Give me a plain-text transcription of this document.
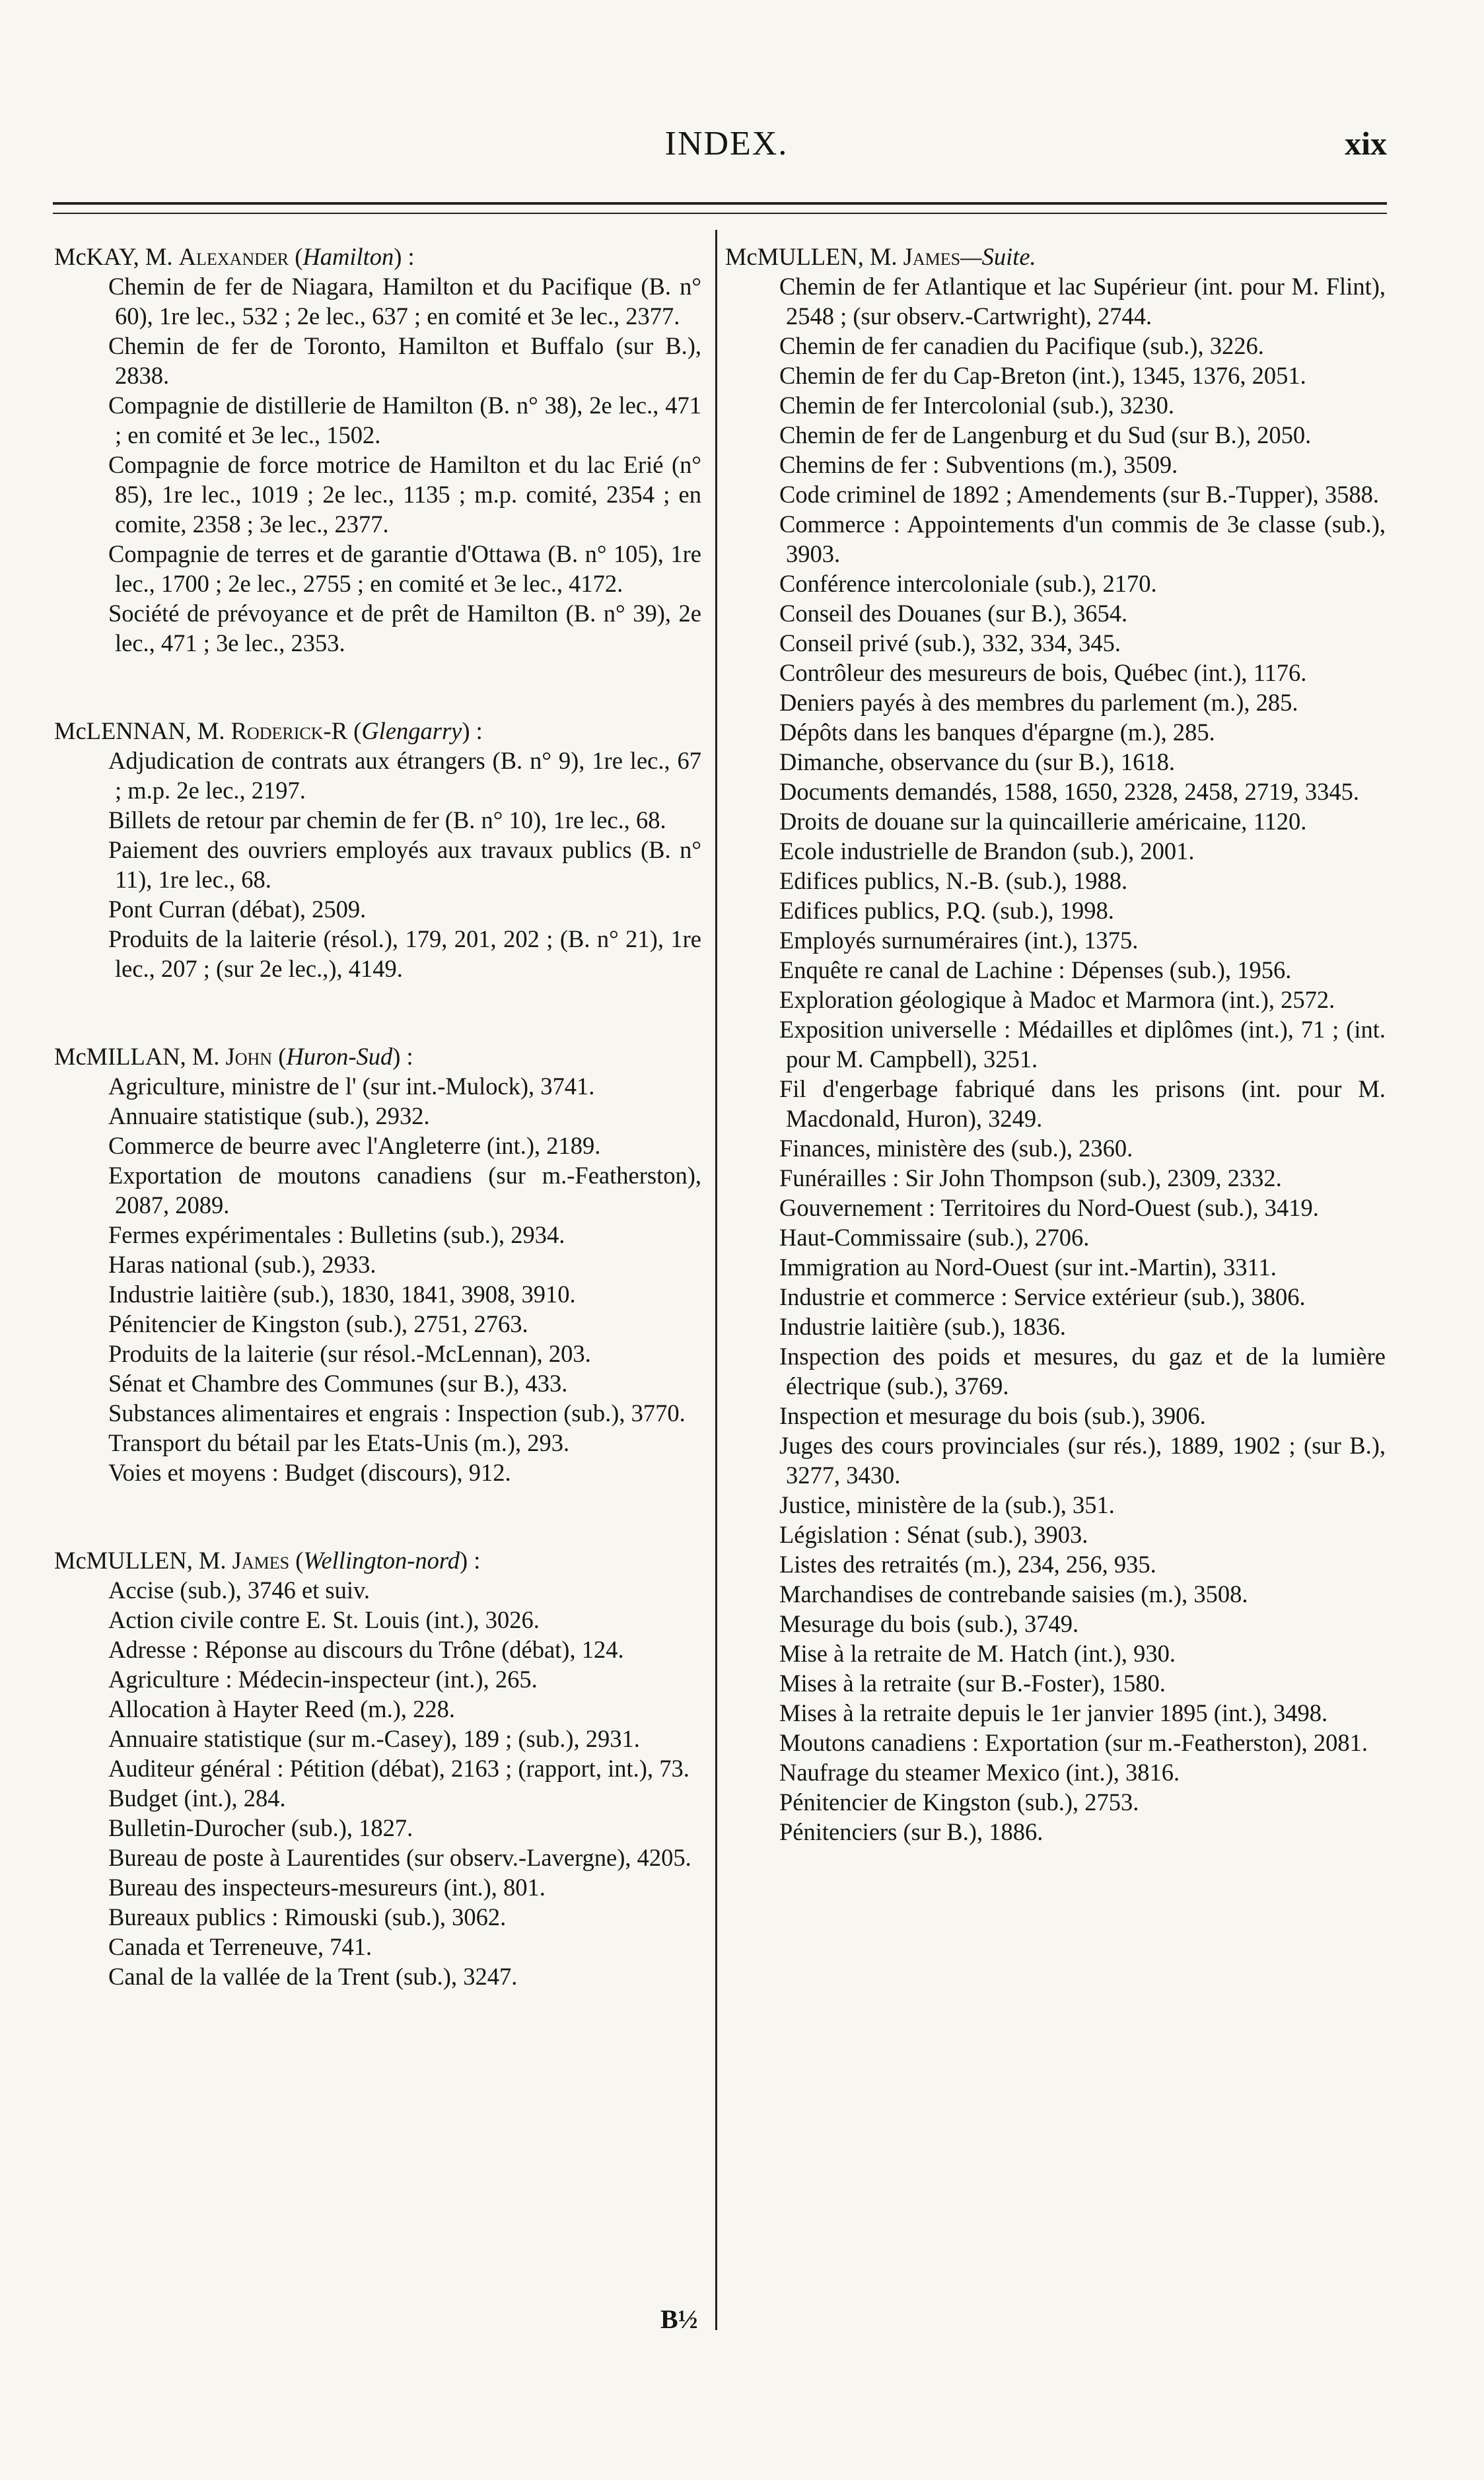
INDEX.	xix
McKAY, M. Alexander (Hamilton) :
Chemin de fer de Niagara, Hamilton et du Pacifique (B. n° 60), 1re lec., 532 ; 2e lec., 637 ; en comité et 3e lec., 2377.
Chemin de fer de Toronto, Hamilton et Buffalo (sur B.), 2838.
Compagnie de distillerie de Hamilton (B. n° 38), 2e lec., 471 ; en comité et 3e lec., 1502.
Compagnie de force motrice de Hamilton et du lac Erié (n° 85), 1re lec., 1019 ; 2e lec., 1135 ; m.p. comité, 2354 ; en comite, 2358 ; 3e lec., 2377.
Compagnie de terres et de garantie d'Ottawa (B. n° 105), 1re lec., 1700 ; 2e lec., 2755 ; en comité et 3e lec., 4172.
Société de prévoyance et de prêt de Hamilton (B. n° 39), 2e lec., 471 ; 3e lec., 2353.
McLENNAN, M. Roderick-R (Glengarry) :
Adjudication de contrats aux étrangers (B. n° 9), 1re lec., 67 ; m.p. 2e lec., 2197.
Billets de retour par chemin de fer (B. n° 10), 1re lec., 68.
Paiement des ouvriers employés aux travaux publics (B. n° 11), 1re lec., 68.
Pont Curran (débat), 2509.
Produits de la laiterie (résol.), 179, 201, 202 ; (B. n° 21), 1re lec., 207 ; (sur 2e lec.,), 4149.
McMILLAN, M. John (Huron-Sud) :
Agriculture, ministre de l' (sur int.-Mulock), 3741.
Annuaire statistique (sub.), 2932.
Commerce de beurre avec l'Angleterre (int.), 2189.
Exportation de moutons canadiens (sur m.-Featherston), 2087, 2089.
Fermes expérimentales : Bulletins (sub.), 2934.
Haras national (sub.), 2933.
Industrie laitière (sub.), 1830, 1841, 3908, 3910.
Pénitencier de Kingston (sub.), 2751, 2763.
Produits de la laiterie (sur résol.-McLennan), 203.
Sénat et Chambre des Communes (sur B.), 433.
Substances alimentaires et engrais : Inspection (sub.), 3770.
Transport du bétail par les Etats-Unis (m.), 293.
Voies et moyens : Budget (discours), 912.
McMULLEN, M. James (Wellington-nord) :
Accise (sub.), 3746 et suiv.
Action civile contre E. St. Louis (int.), 3026.
Adresse : Réponse au discours du Trône (débat), 124.
Agriculture : Médecin-inspecteur (int.), 265.
Allocation à Hayter Reed (m.), 228.
Annuaire statistique (sur m.-Casey), 189 ; (sub.), 2931.
Auditeur général : Pétition (débat), 2163 ; (rapport, int.), 73.
Budget (int.), 284.
Bulletin-Durocher (sub.), 1827.
Bureau de poste à Laurentides (sur observ.-Lavergne), 4205.
Bureau des inspecteurs-mesureurs (int.), 801.
Bureaux publics : Rimouski (sub.), 3062.
Canada et Terreneuve, 741.
Canal de la vallée de la Trent (sub.), 3247.
McMULLEN, M. James—Suite.
Chemin de fer Atlantique et lac Supérieur (int. pour M. Flint), 2548 ; (sur observ.-Cartwright), 2744.
Chemin de fer canadien du Pacifique (sub.), 3226.
Chemin de fer du Cap-Breton (int.), 1345, 1376, 2051.
Chemin de fer Intercolonial (sub.), 3230.
Chemin de fer de Langenburg et du Sud (sur B.), 2050.
Chemins de fer : Subventions (m.), 3509.
Code criminel de 1892 ; Amendements (sur B.-Tupper), 3588.
Commerce : Appointements d'un commis de 3e classe (sub.), 3903.
Conférence intercoloniale (sub.), 2170.
Conseil des Douanes (sur B.), 3654.
Conseil privé (sub.), 332, 334, 345.
Contrôleur des mesureurs de bois, Québec (int.), 1176.
Deniers payés à des membres du parlement (m.), 285.
Dépôts dans les banques d'épargne (m.), 285.
Dimanche, observance du (sur B.), 1618.
Documents demandés, 1588, 1650, 2328, 2458, 2719, 3345.
Droits de douane sur la quincaillerie américaine, 1120.
Ecole industrielle de Brandon (sub.), 2001.
Edifices publics, N.-B. (sub.), 1988.
Edifices publics, P.Q. (sub.), 1998.
Employés surnuméraires (int.), 1375.
Enquête re canal de Lachine : Dépenses (sub.), 1956.
Exploration géologique à Madoc et Marmora (int.), 2572.
Exposition universelle : Médailles et diplômes (int.), 71 ; (int. pour M. Campbell), 3251.
Fil d'engerbage fabriqué dans les prisons (int. pour M. Macdonald, Huron), 3249.
Finances, ministère des (sub.), 2360.
Funérailles : Sir John Thompson (sub.), 2309, 2332.
Gouvernement : Territoires du Nord-Ouest (sub.), 3419.
Haut-Commissaire (sub.), 2706.
Immigration au Nord-Ouest (sur int.-Martin), 3311.
Industrie et commerce : Service extérieur (sub.), 3806.
Industrie laitière (sub.), 1836.
Inspection des poids et mesures, du gaz et de la lumière électrique (sub.), 3769.
Inspection et mesurage du bois (sub.), 3906.
Juges des cours provinciales (sur rés.), 1889, 1902 ; (sur B.), 3277, 3430.
Justice, ministère de la (sub.), 351.
Législation : Sénat (sub.), 3903.
Listes des retraités (m.), 234, 256, 935.
Marchandises de contrebande saisies (m.), 3508.
Mesurage du bois (sub.), 3749.
Mise à la retraite de M. Hatch (int.), 930.
Mises à la retraite (sur B.-Foster), 1580.
Mises à la retraite depuis le 1er janvier 1895 (int.), 3498.
Moutons canadiens : Exportation (sur m.-Featherston), 2081.
Naufrage du steamer Mexico (int.), 3816.
Pénitencier de Kingston (sub.), 2753.
Pénitenciers (sur B.), 1886.
B½
